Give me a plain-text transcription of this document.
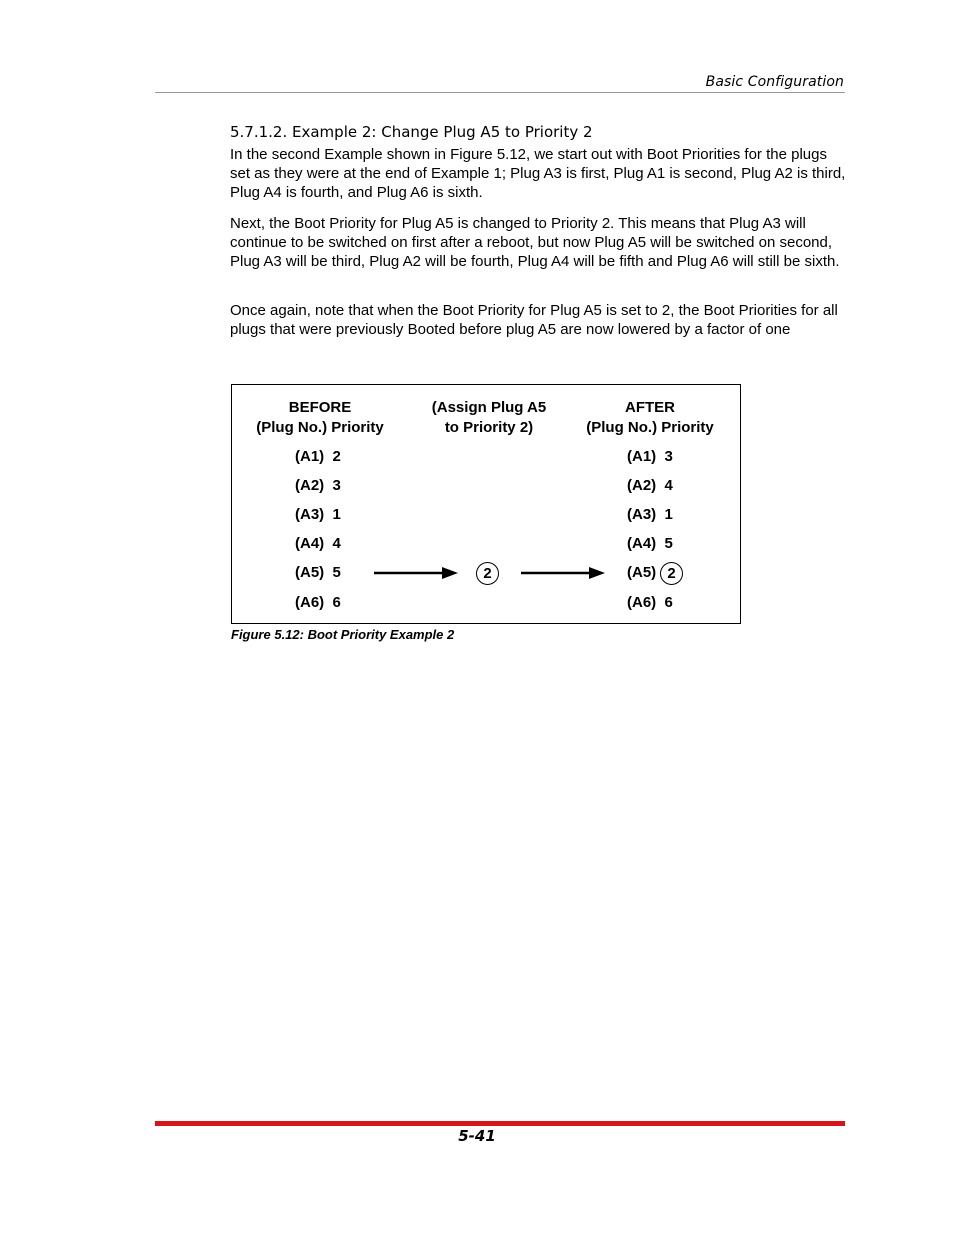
Basic Configuration
5.7.1.2. Example 2: Change Plug A5 to Priority 2

In the second Example shown in Figure 5.12, we start out with Boot Priorities for the plugs set as they were at the end of Example 1; Plug A3 is first, Plug A1 is second, Plug A2 is third, Plug A4 is fourth, and Plug A6 is sixth.

Next, the Boot Priority for Plug A5 is changed to Priority 2. This means that Plug A3 will continue to be switched on first after a reboot, but now Plug A5 will be switched on second, Plug A3 will be third, Plug A2 will be fourth, Plug A4 will be fifth and Plug A6 will still be sixth.

Once again, note that when the Boot Priority for Plug A5 is set to 2, the Boot Priorities for all plugs that were previously Booted before plug A5 are now lowered by a factor of one

BEFORE
(Plug No.) Priority
(Assign Plug A5
to Priority 2)
AFTER
(Plug No.) Priority
(A1)  2
(A2)  3
(A3)  1
(A4)  4
(A5)  5
(A6)  6
2
(A1)  3
(A2)  4
(A3)  1
(A4)  5
(A5) 2
(A6)  6
Figure 5.12: Boot Priority Example 2
5-41
